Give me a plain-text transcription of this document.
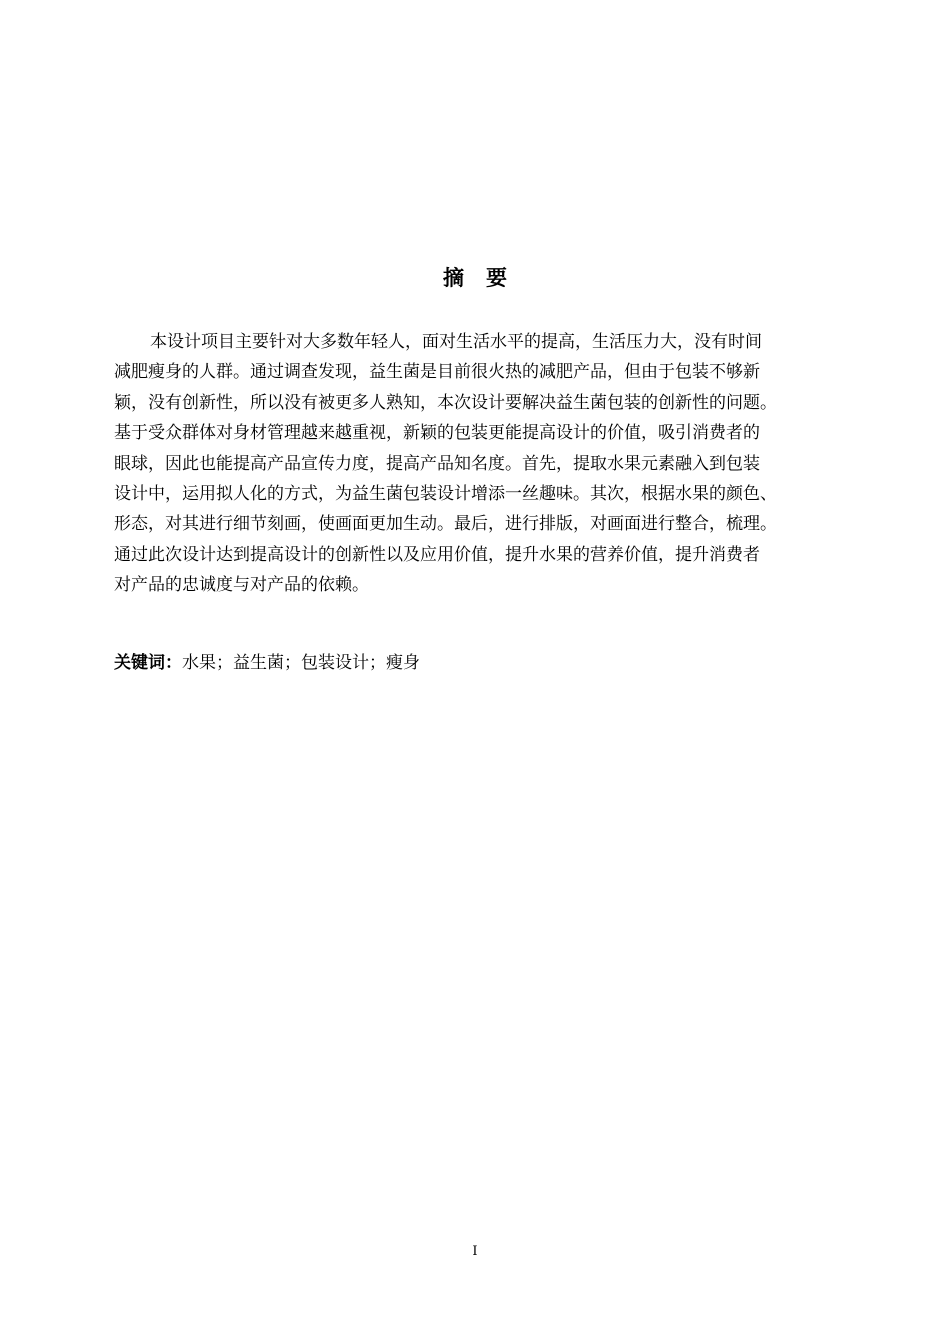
摘 要
本设计项目主要针对大多数年轻人，面对生活水平的提高，生活压力大，没有时间
减肥瘦身的人群。通过调查发现，益生菌是目前很火热的减肥产品，但由于包装不够新
颖，没有创新性，所以没有被更多人熟知，本次设计要解决益生菌包装的创新性的问题。
基于受众群体对身材管理越来越重视，新颖的包装更能提高设计的价值，吸引消费者的
眼球，因此也能提高产品宣传力度，提高产品知名度。首先，提取水果元素融入到包装
设计中，运用拟人化的方式，为益生菌包装设计增添一丝趣味。其次，根据水果的颜色、
形态，对其进行细节刻画，使画面更加生动。最后，进行排版，对画面进行整合，梳理。
通过此次设计达到提高设计的创新性以及应用价值，提升水果的营养价值，提升消费者
对产品的忠诚度与对产品的依赖。
关键词：水果；益生菌；包装设计；瘦身
I
